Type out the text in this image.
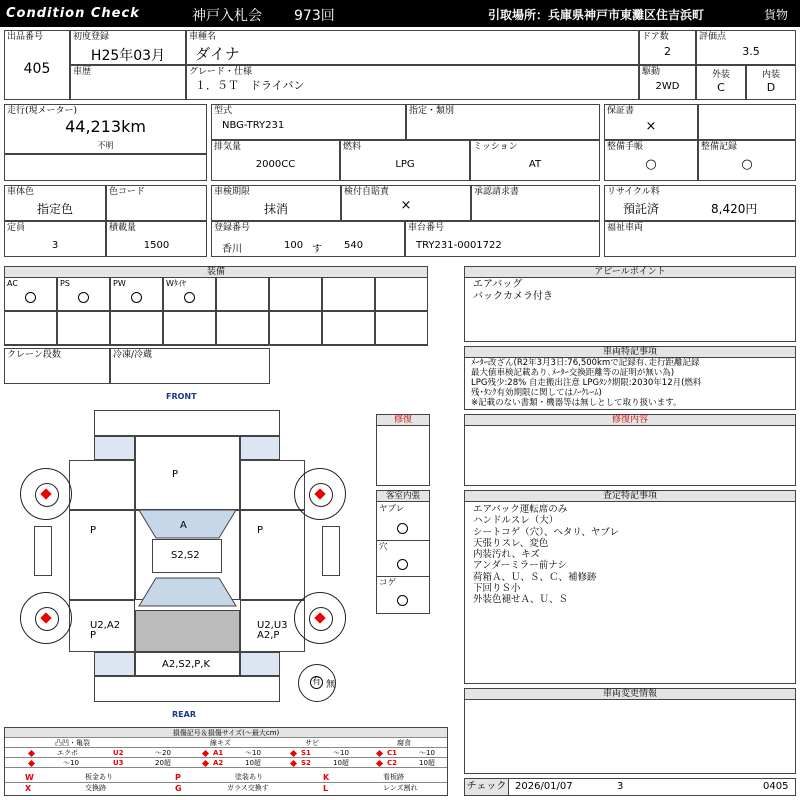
Condition Check	神戸入札会 973回	引取場所：兵庫県神戸市東灘区住吉浜町	貨物
出品番号
405
初度登録
H25年03月
車歴
車種名
ダイナ
グレード・仕様
１．５Ｔ　ドライバン
ドア数
2
評価点
3.5
駆動
2WD
外装
C
内装
D
走行(現メーター)
44,213km
不明
型式
NBG-TRY231
指定・類別
排気量
2000CC
燃料
LPG
ミッション
AT
保証書
×
整備手帳
○
整備記録
○
車体色
指定色
色コード
定員
3
積載量
1500
車検期限
抹消
検付自賠責
×
承認請求書
登録番号
香川	100 す 540
車台番号
TRY231-0001722
リサイクル料
預託済	8,420円
福祉車両
装備
AC	PS	PW	Wﾀｲﾔ
クレーン段数	冷凍/冷蔵
アピールポイント
エアバッグ
バックカメラ付き
車両特記事項
ﾒｰﾀｰ改ざん(R2年3月3日:76,500kmで記録有､走行距離記録
最大値車検記載あり､ﾒｰﾀｰ交換距離等の証明が無い為)
LPG残少:28% 自走搬出注意 LPGﾀﾝｸ期限:2030年12月(燃料
残･ﾀﾝｸ有効期限に関してはﾉｰｸﾚｰﾑ)
※記載のない書類・機器等は無しとして取り扱います。
修復内容
査定特記事項
エアバック運転席のみ
ハンドルスレ（大）
シートコゲ（穴）、ヘタリ、ヤブレ
天張りスレ、変色
内装汚れ、キズ
アンダーミラー前ナシ
荷箱Ａ、Ｕ、Ｓ、Ｃ、補修跡
下回りＳ小
外装色褪せＡ、Ｕ、Ｓ
車両変更情報
チェック 2026/01/07	3	0405
修復
客室内張
ヤブレ
穴
コゲ
FRONT
REAR
P
P	P
A
S2,S2
U2,A2
P
U2,U3
A2,P
A2,S2,P,K
有 無
損傷記号＆損傷サイズ(～最大cm)
凸凹・亀裂	線キズ	サビ	腐食
エクボ	U2	～20	A1	～10	S1	～10	C1	～10
～10	U3	20超	A2	10超	S2	10超	C2	10超
W	板金あり	P	塗装あり	K	看板跡
X	交換跡	G	ガラス交換す	L	レンズ割れ
